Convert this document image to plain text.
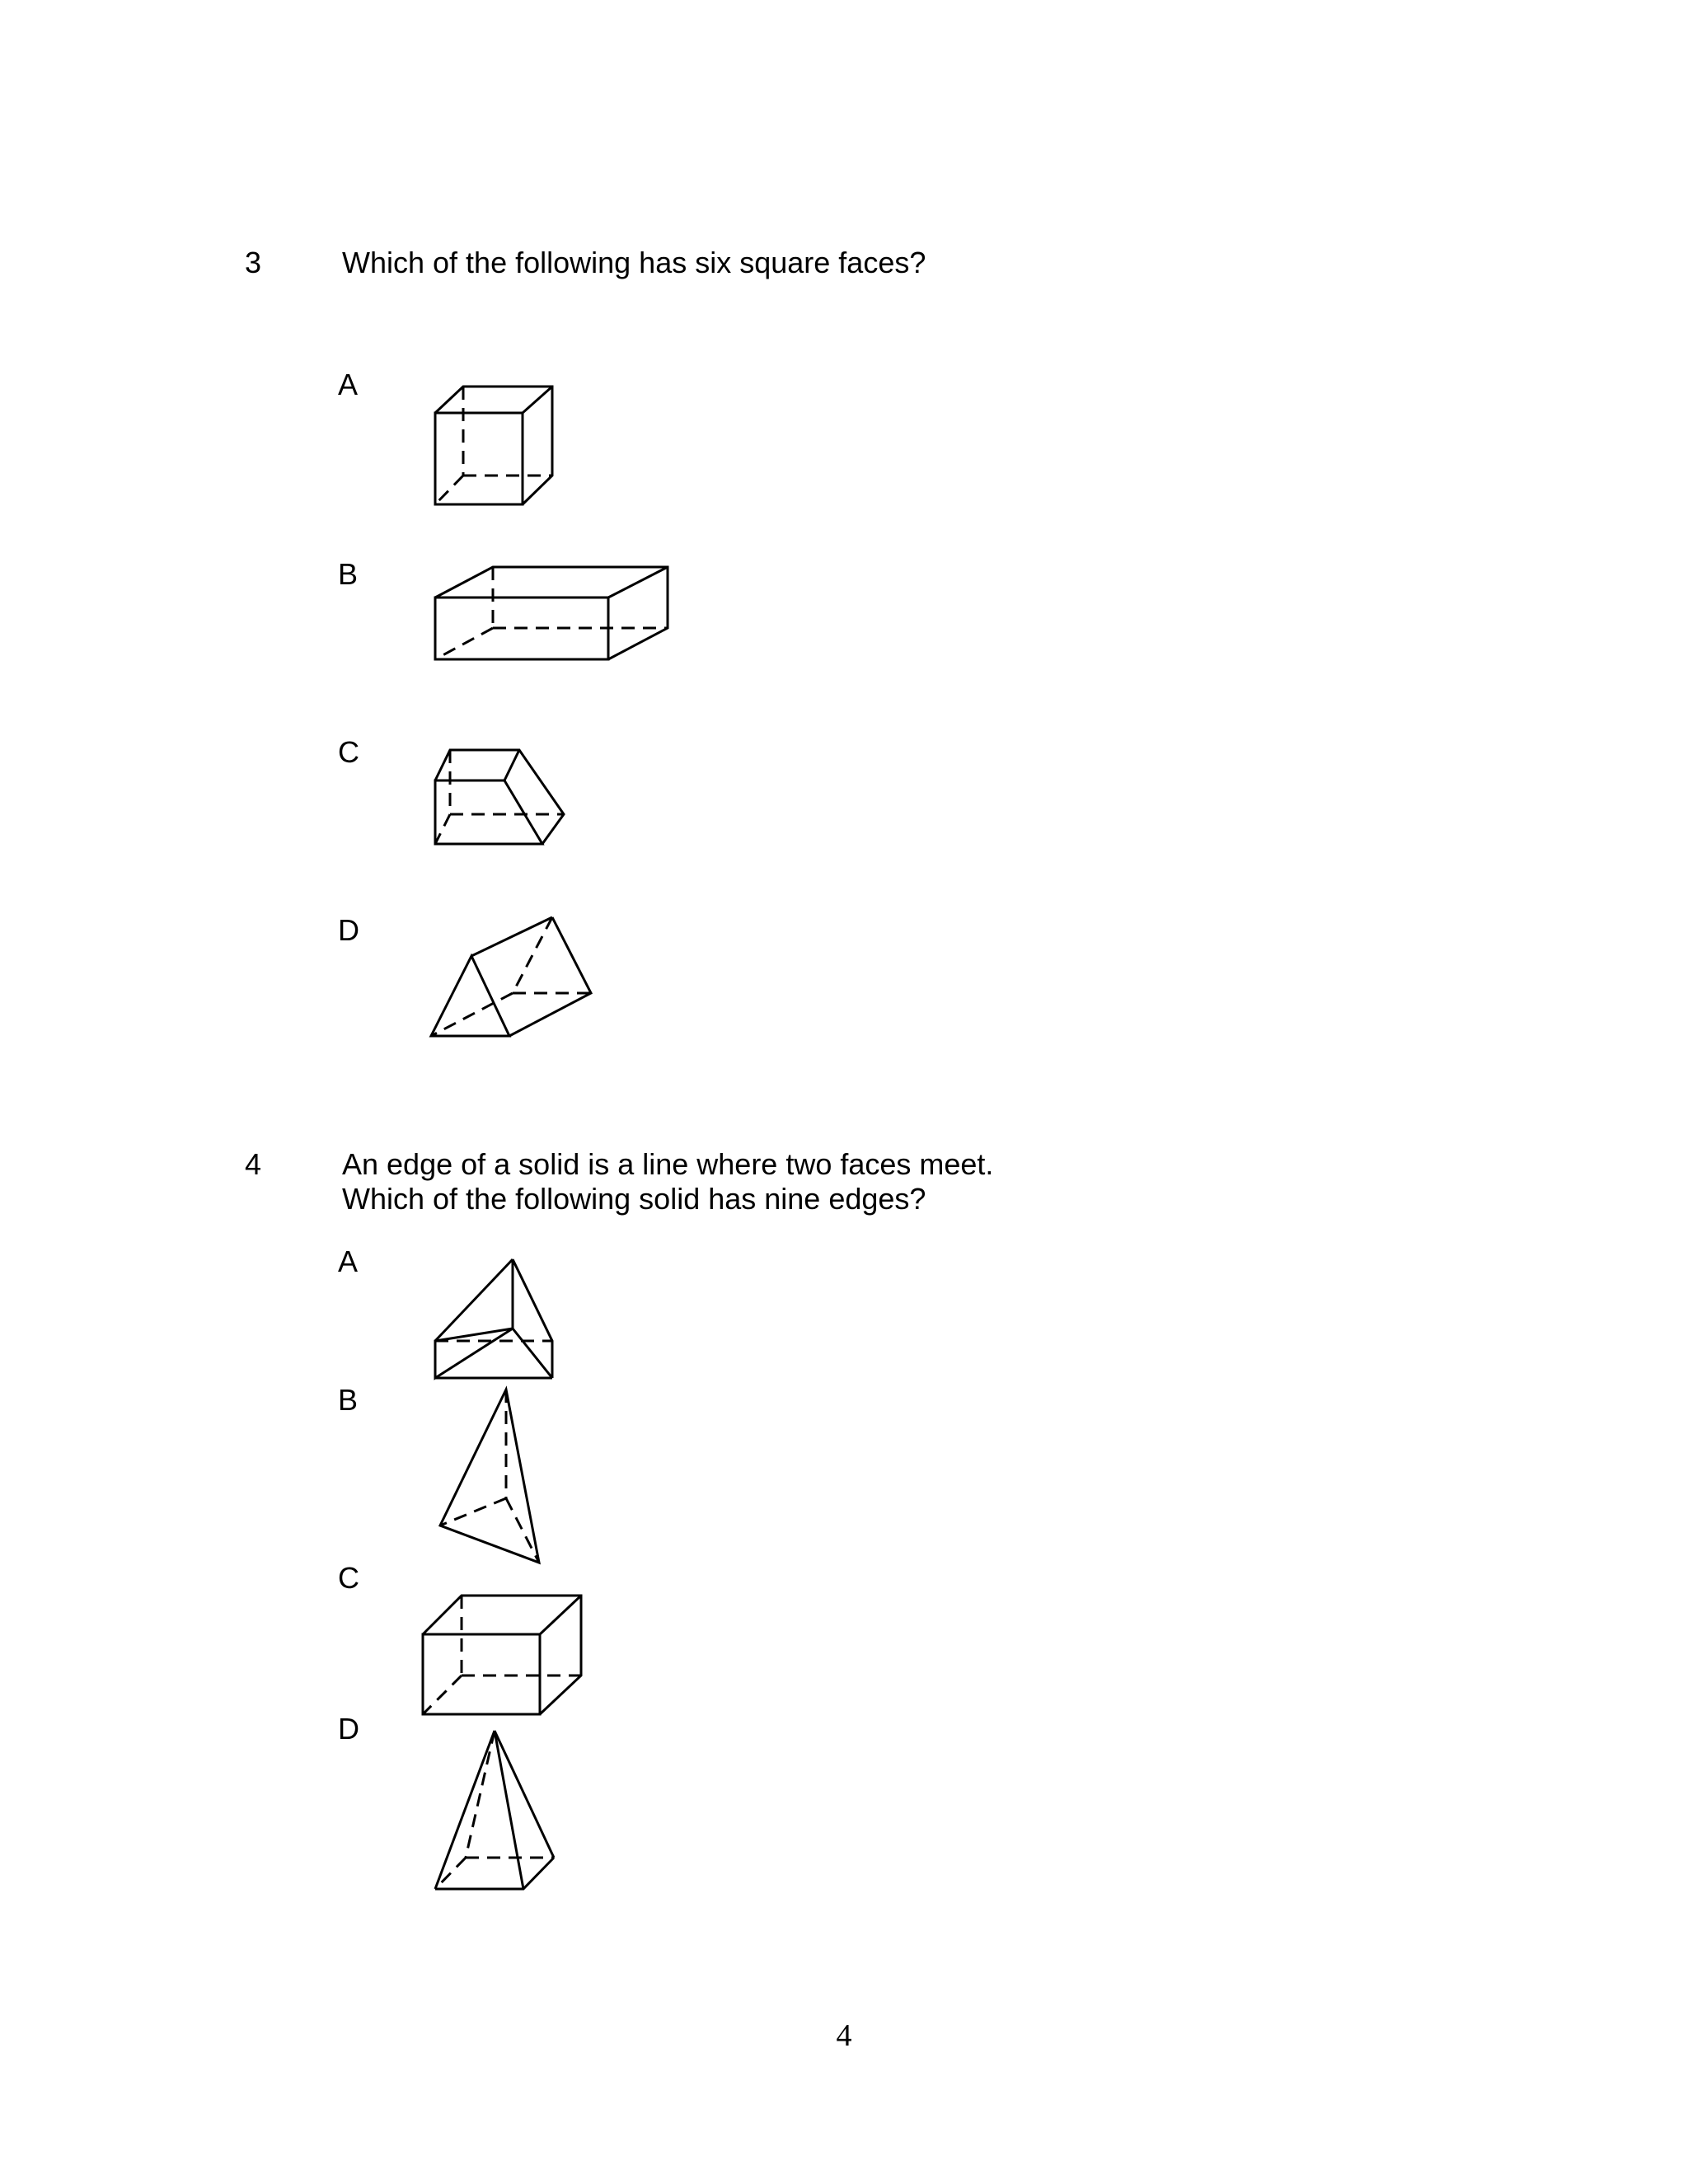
3	Which of the following has six square faces?
A
B
C
D
4	An edge of a solid is a line where two faces meet.
Which of the following solid has nine edges?
A
B
C
D
4
